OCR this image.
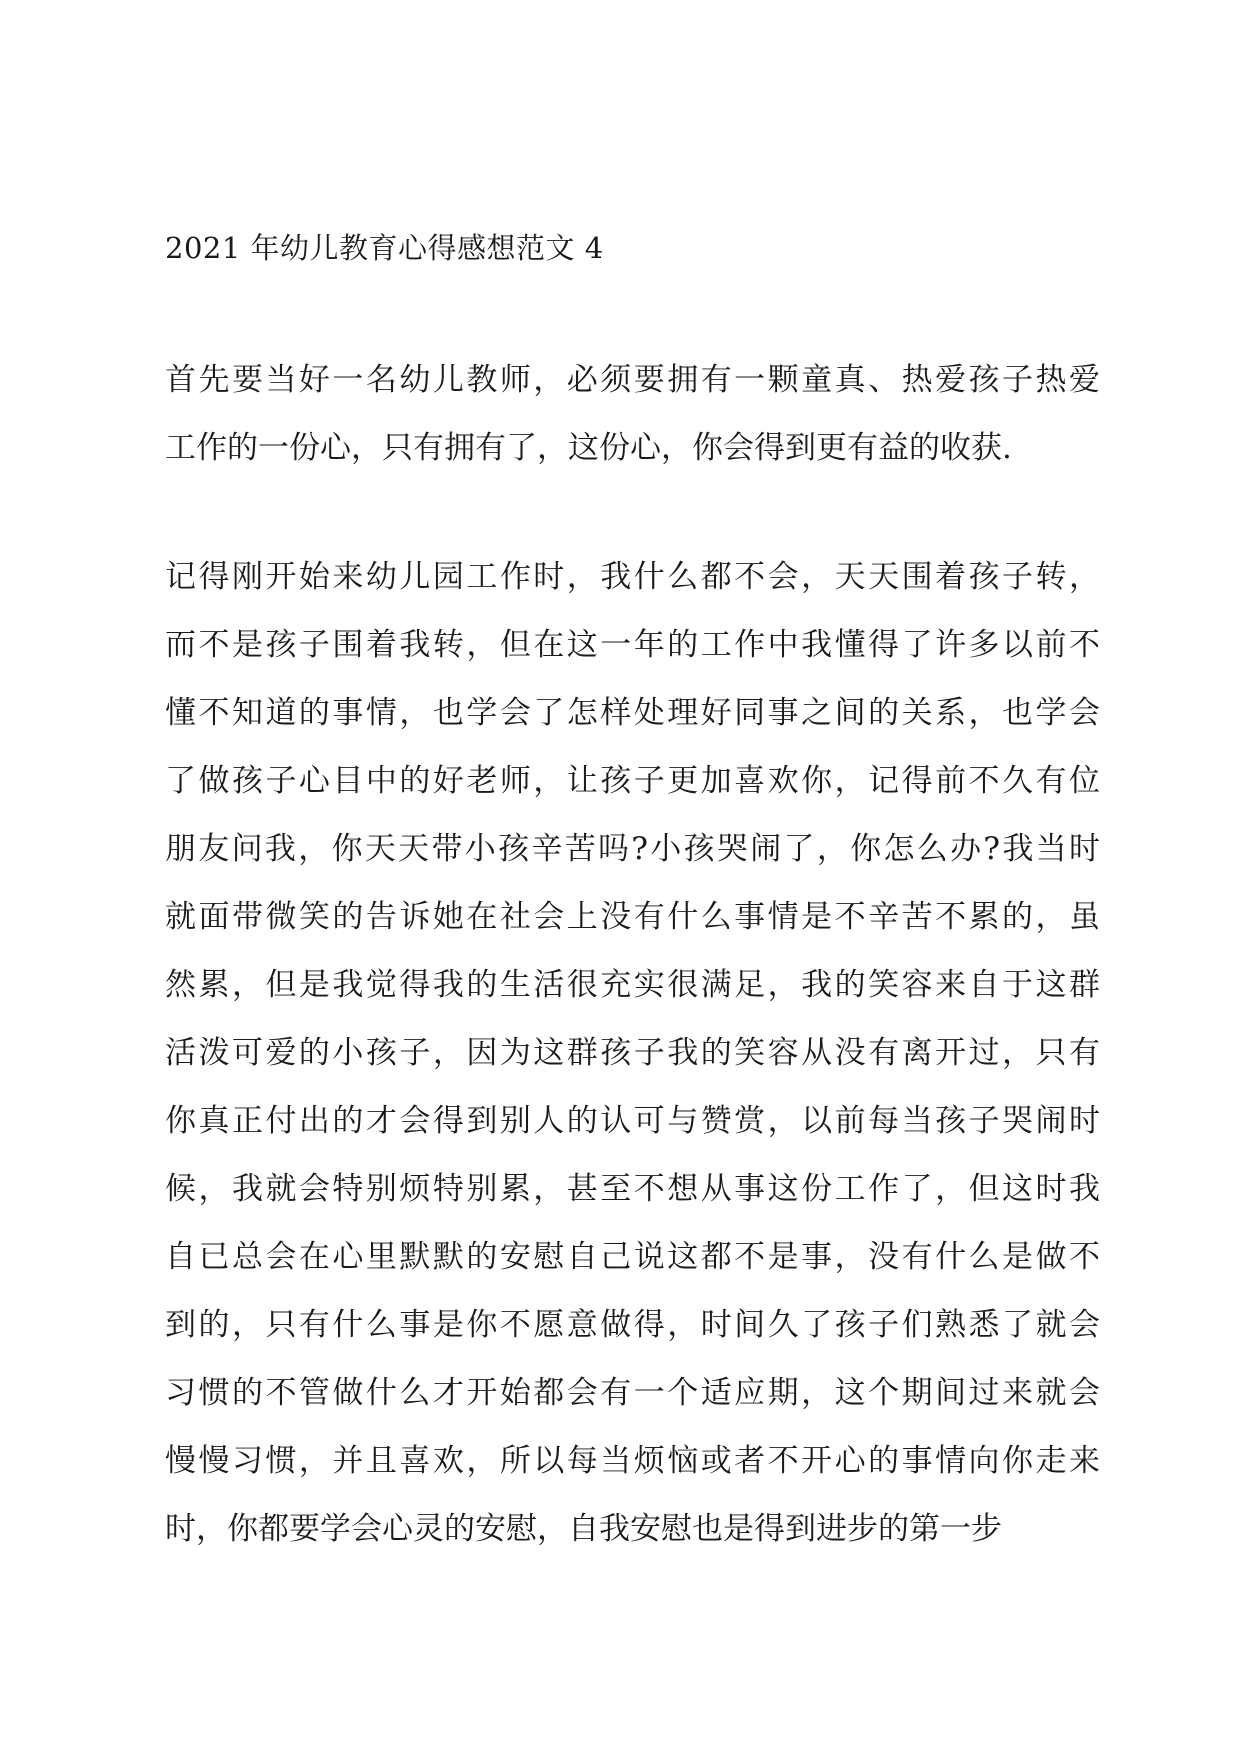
2021 年幼儿教育心得感想范文 4
首先要当好一名幼儿教师，必须要拥有一颗童真、热爱孩子热爱
工作的一份心，只有拥有了，这份心，你会得到更有益的收获.
记得刚开始来幼儿园工作时，我什么都不会，天天围着孩子转，
而不是孩子围着我转，但在这一年的工作中我懂得了许多以前不
懂不知道的事情，也学会了怎样处理好同事之间的关系，也学会
了做孩子心目中的好老师，让孩子更加喜欢你，记得前不久有位
朋友问我，你天天带小孩辛苦吗?小孩哭闹了，你怎么办?我当时
就面带微笑的告诉她在社会上没有什么事情是不辛苦不累的，虽
然累，但是我觉得我的生活很充实很满足，我的笑容来自于这群
活泼可爱的小孩子，因为这群孩子我的笑容从没有离开过，只有
你真正付出的才会得到别人的认可与赞赏，以前每当孩子哭闹时
候，我就会特别烦特别累，甚至不想从事这份工作了，但这时我
自已总会在心里默默的安慰自己说这都不是事，没有什么是做不
到的，只有什么事是你不愿意做得，时间久了孩子们熟悉了就会
习惯的不管做什么才开始都会有一个适应期，这个期间过来就会
慢慢习惯，并且喜欢，所以每当烦恼或者不开心的事情向你走来
时，你都要学会心灵的安慰，自我安慰也是得到进步的第一步
